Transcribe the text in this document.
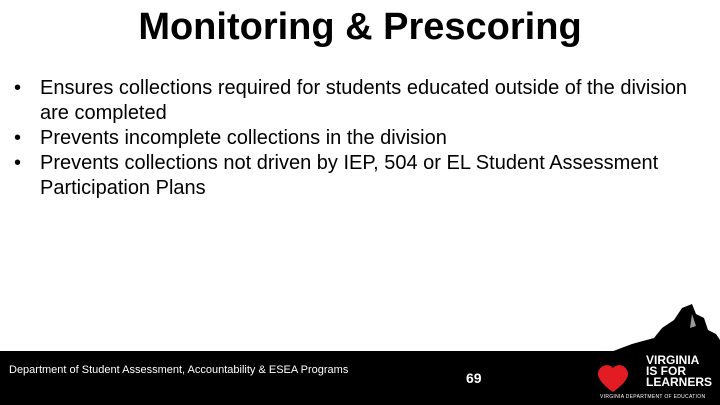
Monitoring & Prescoring
• Ensures collections required for students educated outside of the division are completed
• Prevents incomplete collections in the division
• Prevents collections not driven by IEP, 504 or EL Student Assessment Participation Plans
Department of Student Assessment, Accountability & ESEA Programs	69
VIRGINIA
IS FOR
LEARNERS
VIRGINIA DEPARTMENT OF EDUCATION
